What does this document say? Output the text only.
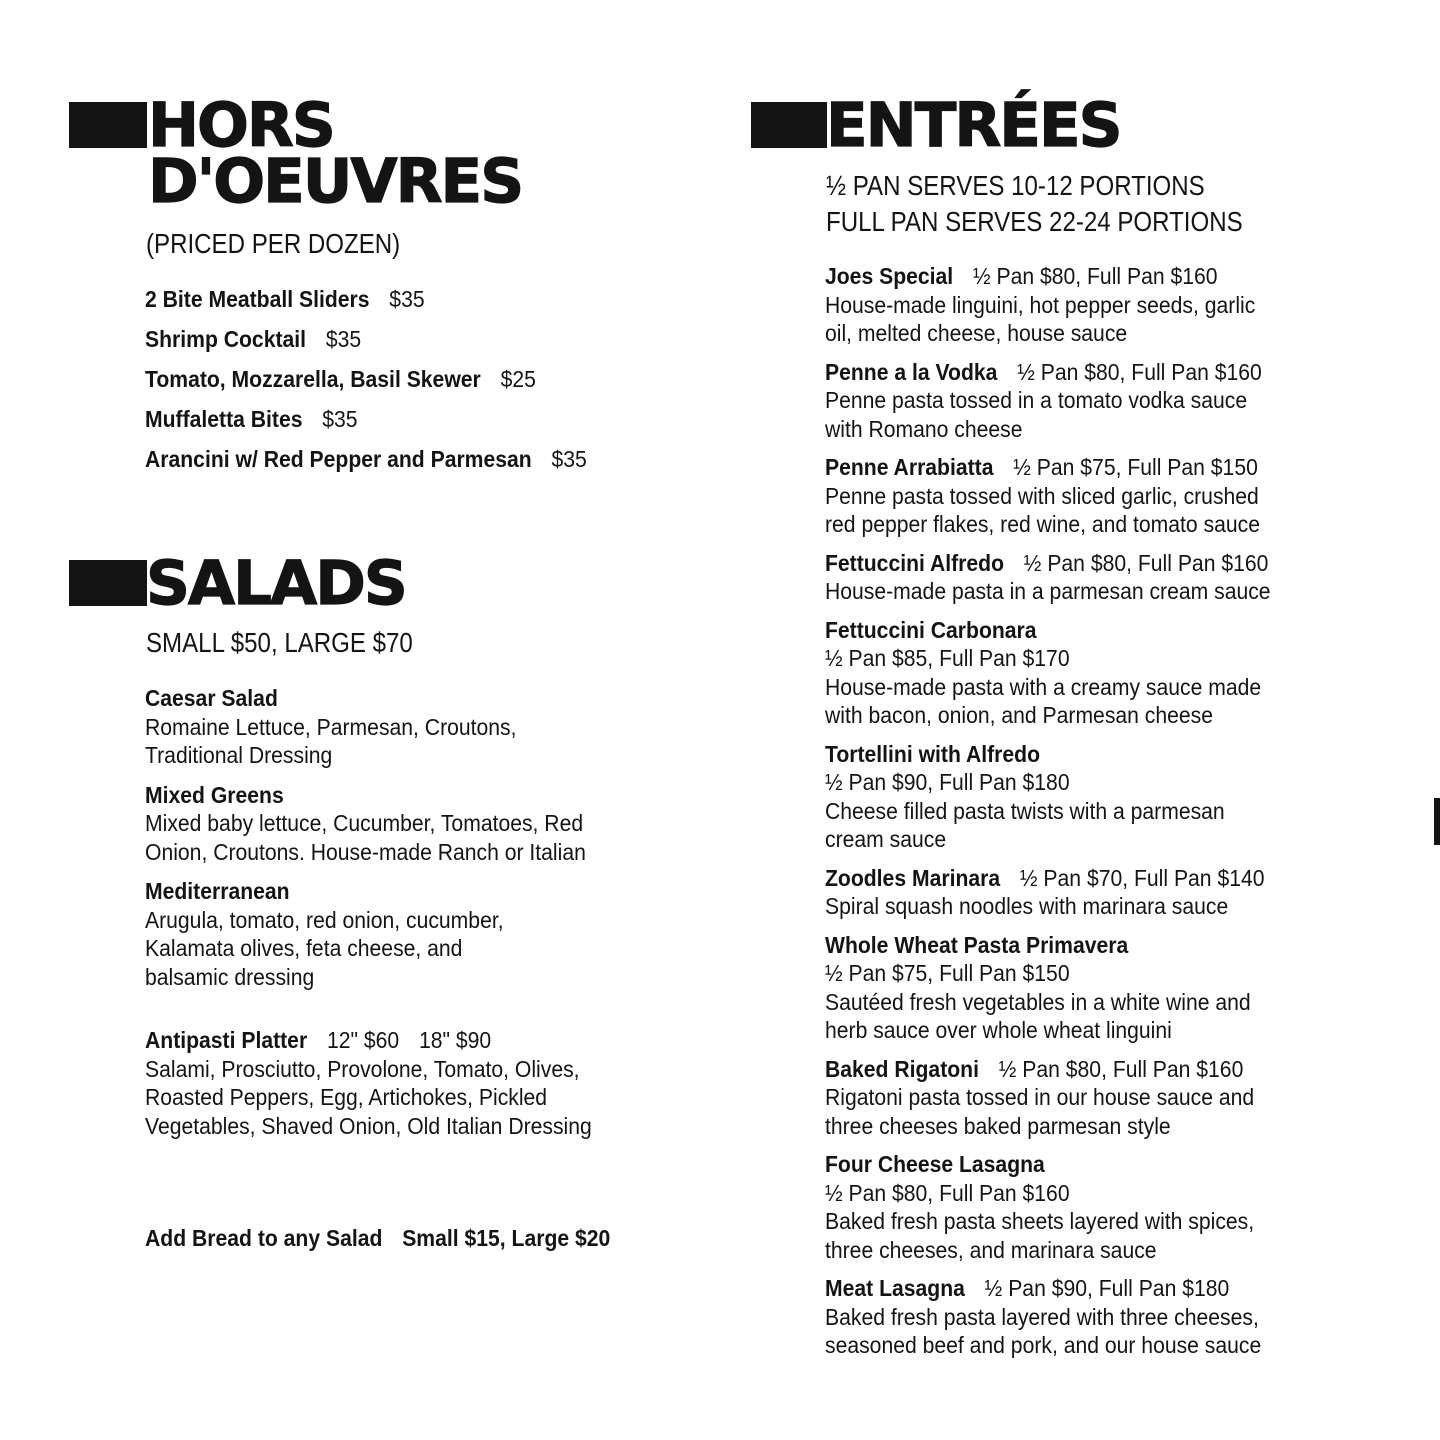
HORS
D'OEUVRES
(PRICED PER DOZEN)
2 Bite Meatball Sliders $35
Shrimp Cocktail $35
Tomato, Mozzarella, Basil Skewer $25
Muffaletta Bites $35
Arancini w/ Red Pepper and Parmesan $35
SALADS
SMALL $50, LARGE $70
Caesar Salad
Romaine Lettuce, Parmesan, Croutons,
Traditional Dressing
Mixed Greens
Mixed baby lettuce, Cucumber, Tomatoes, Red
Onion, Croutons. House-made Ranch or Italian
Mediterranean
Arugula, tomato, red onion, cucumber,
Kalamata olives, feta cheese, and
balsamic dressing
Antipasti Platter 12" $60 18" $90
Salami, Prosciutto, Provolone, Tomato, Olives,
Roasted Peppers, Egg, Artichokes, Pickled
Vegetables, Shaved Onion, Old Italian Dressing
Add Bread to any Salad Small $15, Large $20
ENTRÉES
½ PAN SERVES 10-12 PORTIONS
FULL PAN SERVES 22-24 PORTIONS
Joes Special ½ Pan $80, Full Pan $160
House-made linguini, hot pepper seeds, garlic
oil, melted cheese, house sauce
Penne a la Vodka ½ Pan $80, Full Pan $160
Penne pasta tossed in a tomato vodka sauce
with Romano cheese
Penne Arrabiatta ½ Pan $75, Full Pan $150
Penne pasta tossed with sliced garlic, crushed
red pepper flakes, red wine, and tomato sauce
Fettuccini Alfredo ½ Pan $80, Full Pan $160
House-made pasta in a parmesan cream sauce
Fettuccini Carbonara
½ Pan $85, Full Pan $170
House-made pasta with a creamy sauce made
with bacon, onion, and Parmesan cheese
Tortellini with Alfredo
½ Pan $90, Full Pan $180
Cheese filled pasta twists with a parmesan
cream sauce
Zoodles Marinara ½ Pan $70, Full Pan $140
Spiral squash noodles with marinara sauce
Whole Wheat Pasta Primavera
½ Pan $75, Full Pan $150
Sautéed fresh vegetables in a white wine and
herb sauce over whole wheat linguini
Baked Rigatoni ½ Pan $80, Full Pan $160
Rigatoni pasta tossed in our house sauce and
three cheeses baked parmesan style
Four Cheese Lasagna
½ Pan $80, Full Pan $160
Baked fresh pasta sheets layered with spices,
three cheeses, and marinara sauce
Meat Lasagna ½ Pan $90, Full Pan $180
Baked fresh pasta layered with three cheeses,
seasoned beef and pork, and our house sauce
